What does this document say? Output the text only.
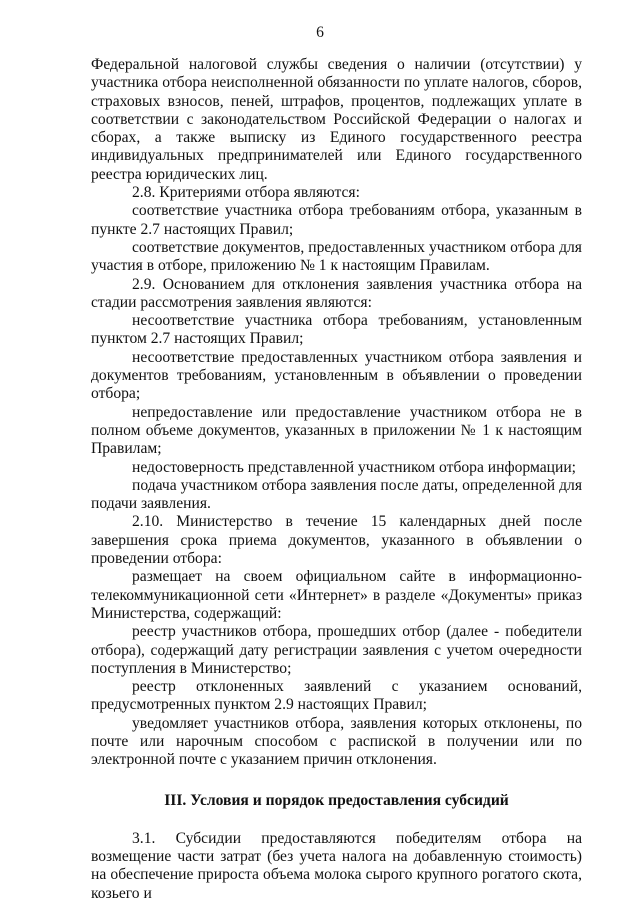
6

Федеральной налоговой службы сведения о наличии (отсутствии) у участника отбора неисполненной обязанности по уплате налогов, сборов, страховых взносов, пеней, штрафов, процентов, подлежащих уплате в соответствии с законодательством Российской Федерации о налогах и сборах, а также выписку из Единого государственного реестра индивидуальных предпринимателей или Единого государственного реестра юридических лиц.

2.8. Критериями отбора являются:

соответствие участника отбора требованиям отбора, указанным в пункте 2.7 настоящих Правил;

соответствие документов, предоставленных участником отбора для участия в отборе, приложению № 1 к настоящим Правилам.

2.9. Основанием для отклонения заявления участника отбора на стадии рассмотрения заявления являются:

несоответствие участника отбора требованиям, установленным пунктом 2.7 настоящих Правил;

несоответствие предоставленных участником отбора заявления и документов требованиям, установленным в объявлении о проведении отбора;

непредоставление или предоставление участником отбора не в полном объеме документов, указанных в приложении № 1 к настоящим Правилам;

недостоверность представленной участником отбора информации;

подача участником отбора заявления после даты, определенной для подачи заявления.

2.10. Министерство в течение 15 календарных дней после завершения срока приема документов, указанного в объявлении о проведении отбора:

размещает на своем официальном сайте в информационно-телекоммуникационной сети «Интернет» в разделе «Документы» приказ Министерства, содержащий:

реестр участников отбора, прошедших отбор (далее - победители отбора), содержащий дату регистрации заявления с учетом очередности поступления в Министерство;

реестр отклоненных заявлений с указанием оснований, предусмотренных пунктом 2.9 настоящих Правил;

уведомляет участников отбора, заявления которых отклонены, по почте или нарочным способом с распиской в получении или по электронной почте с указанием причин отклонения.

III. Условия и порядок предоставления субсидий

3.1. Субсидии предоставляются победителям отбора на возмещение части затрат (без учета налога на добавленную стоимость) на обеспечение прироста объема молока сырого крупного рогатого скота, козьего и
